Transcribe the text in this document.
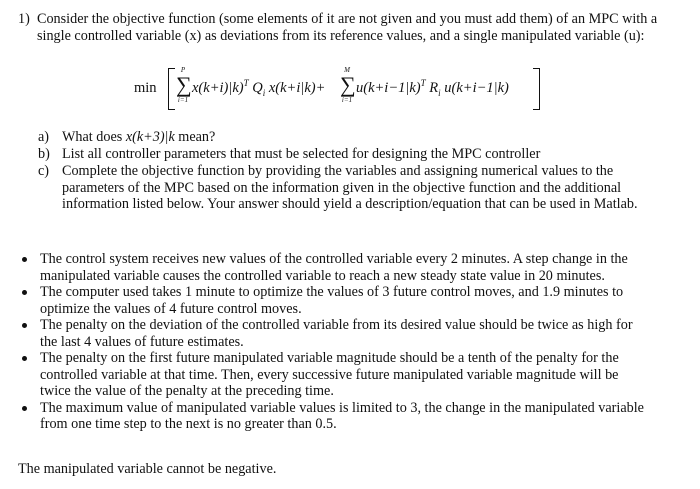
1) Consider the objective function (some elements of it are not given and you must add them) of an MPC with a single controlled variable (x) as deviations from its reference values, and a single manipulated variable (u):
min
P
∑
i=1
x(k+i)|k)$^T$ $Q_i$ x(k+i|k)+
M
∑
i=1
$u(k+i-1|k)^T$ $R_i$ u(k+i−1|k)
a) What does x(k+3)|k mean?
b) List all controller parameters that must be selected for designing the MPC controller
c) Complete the objective function by providing the variables and assigning numerical values to the parameters of the MPC based on the information given in the objective function and the additional information listed below. Your answer should yield a description/equation that can be used in Matlab.
The control system receives new values of the controlled variable every 2 minutes. A step change in the manipulated variable causes the controlled variable to reach a new steady state value in 20 minutes.
The computer used takes 1 minute to optimize the values of 3 future control moves, and 1.9 minutes to optimize the values of 4 future control moves.
The penalty on the deviation of the controlled variable from its desired value should be twice as high for the last 4 values of future estimates.
The penalty on the first future manipulated variable magnitude should be a tenth of the penalty for the controlled variable at that time. Then, every successive future manipulated variable magnitude will be twice the value of the penalty at the preceding time.
The maximum value of manipulated variable values is limited to 3, the change in the manipulated variable from one time step to the next is no greater than 0.5.
The manipulated variable cannot be negative.
